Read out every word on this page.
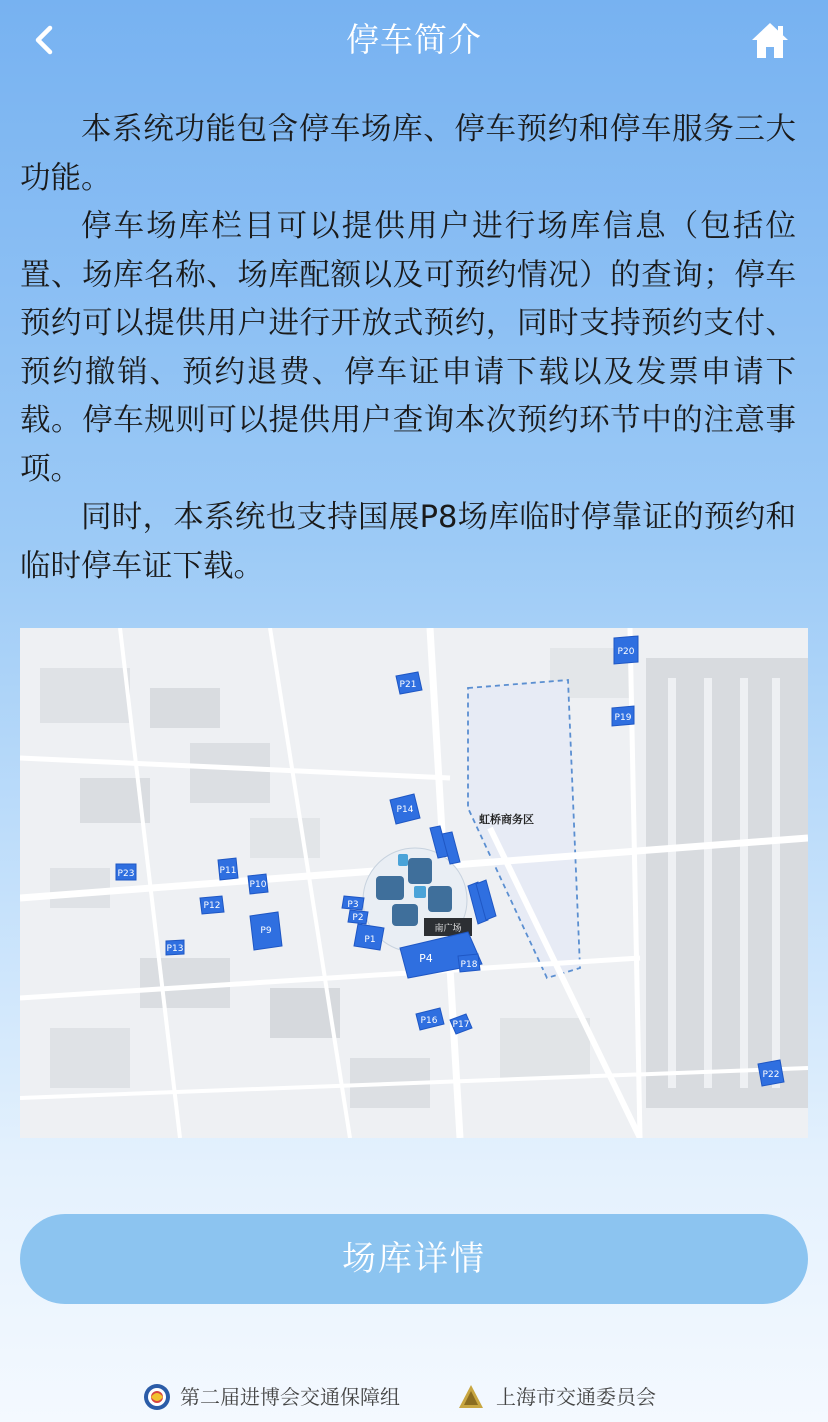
停车简介

本系统功能包含停车场库、停车预约和停车服务三大功能。

停车场库栏目可以提供用户进行场库信息（包括位置、场库名称、场库配额以及可预约情况）的查询；停车预约可以提供用户进行开放式预约，同时支持预约支付、预约撤销、预约退费、停车证申请下载以及发票申请下载。停车规则可以提供用户查询本次预约环节中的注意事项。

同时，本系统也支持国展P8场库临时停靠证的预约和临时停车证下载。

P1
P2
P3
P4
P9
P10
P11
P12
P13
P14
P16 P17
P18
P19
P20
P21
P22
P23
南广场
虹桥商务区
场库详情
第二届进博会交通保障组	上海市交通委员会
